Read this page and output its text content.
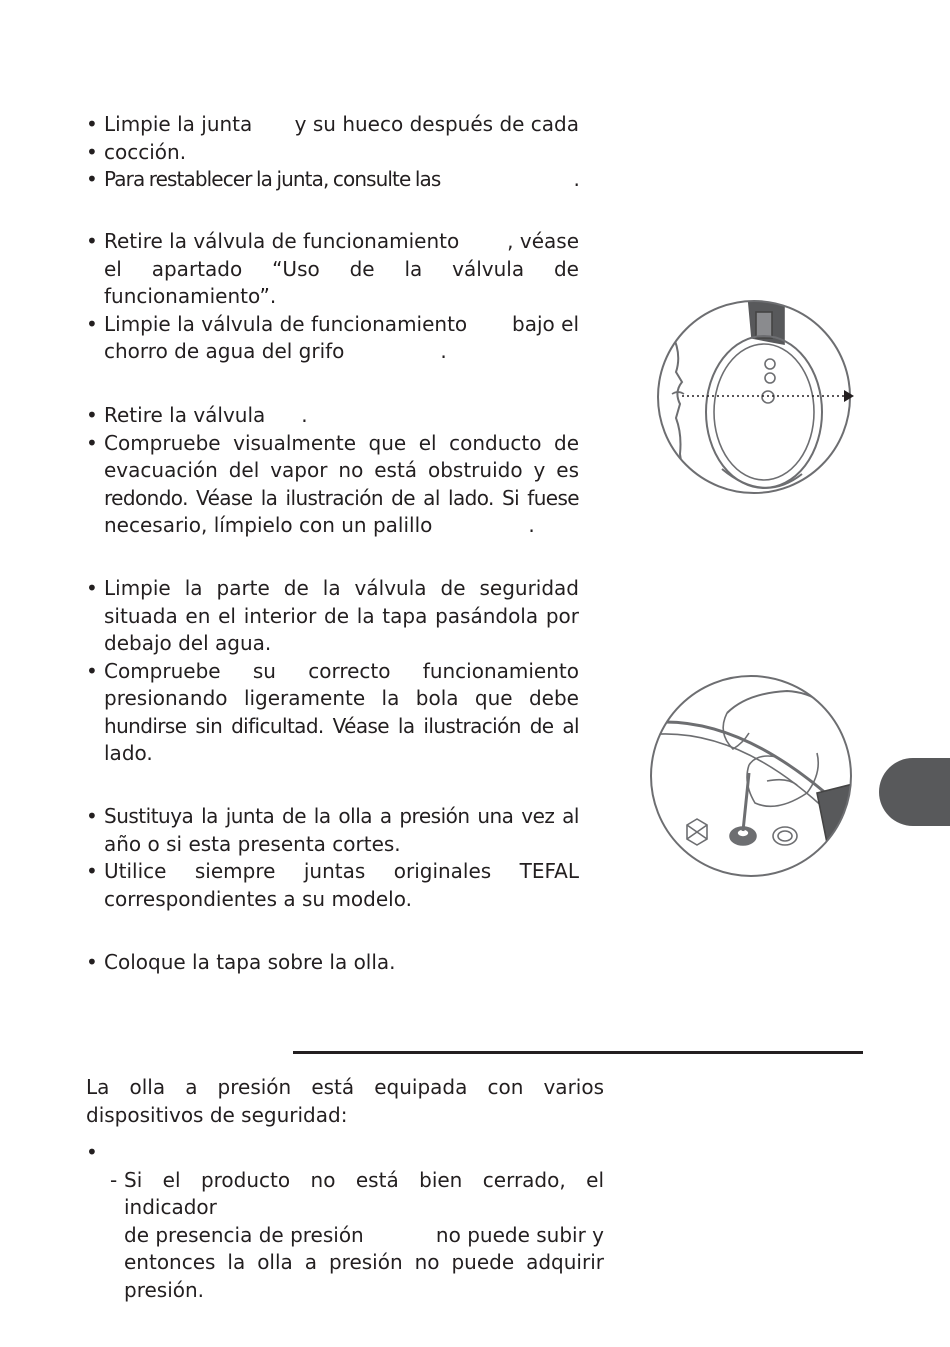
• Limpie la junta y su hueco después de cada
• cocción.
• Para restablecer la junta, consulte las	.
• Retire la válvula de funcionamiento , véase
el apartado “Uso de la válvula de
funcionamiento”.
• Limpie la válvula de funcionamiento bajo el
chorro de agua del grifo	.
• Retire la válvula .
• Compruebe visualmente que el conducto de
evacuación del vapor no está obstruido y es
redondo. Véase la ilustración de al lado. Si fuese
necesario, límpielo con un palillo	.
• Limpie la parte de la válvula de seguridad
situada en el interior de la tapa pasándola por
debajo del agua.
• Compruebe su correcto funcionamiento
presionando ligeramente la bola que debe
hundirse sin dificultad. Véase la ilustración de al
lado.
• Sustituya la junta de la olla a presión una vez al
año o si esta presenta cortes.
• Utilice siempre juntas originales TEFAL
correspondientes a su modelo.
• Coloque la tapa sobre la olla.
La olla a presión está equipada con varios
dispositivos de seguridad:
•
- Si el producto no está bien cerrado, el indicador
de presencia de presión	no puede subir y
entonces la olla a presión no puede adquirir
presión.
